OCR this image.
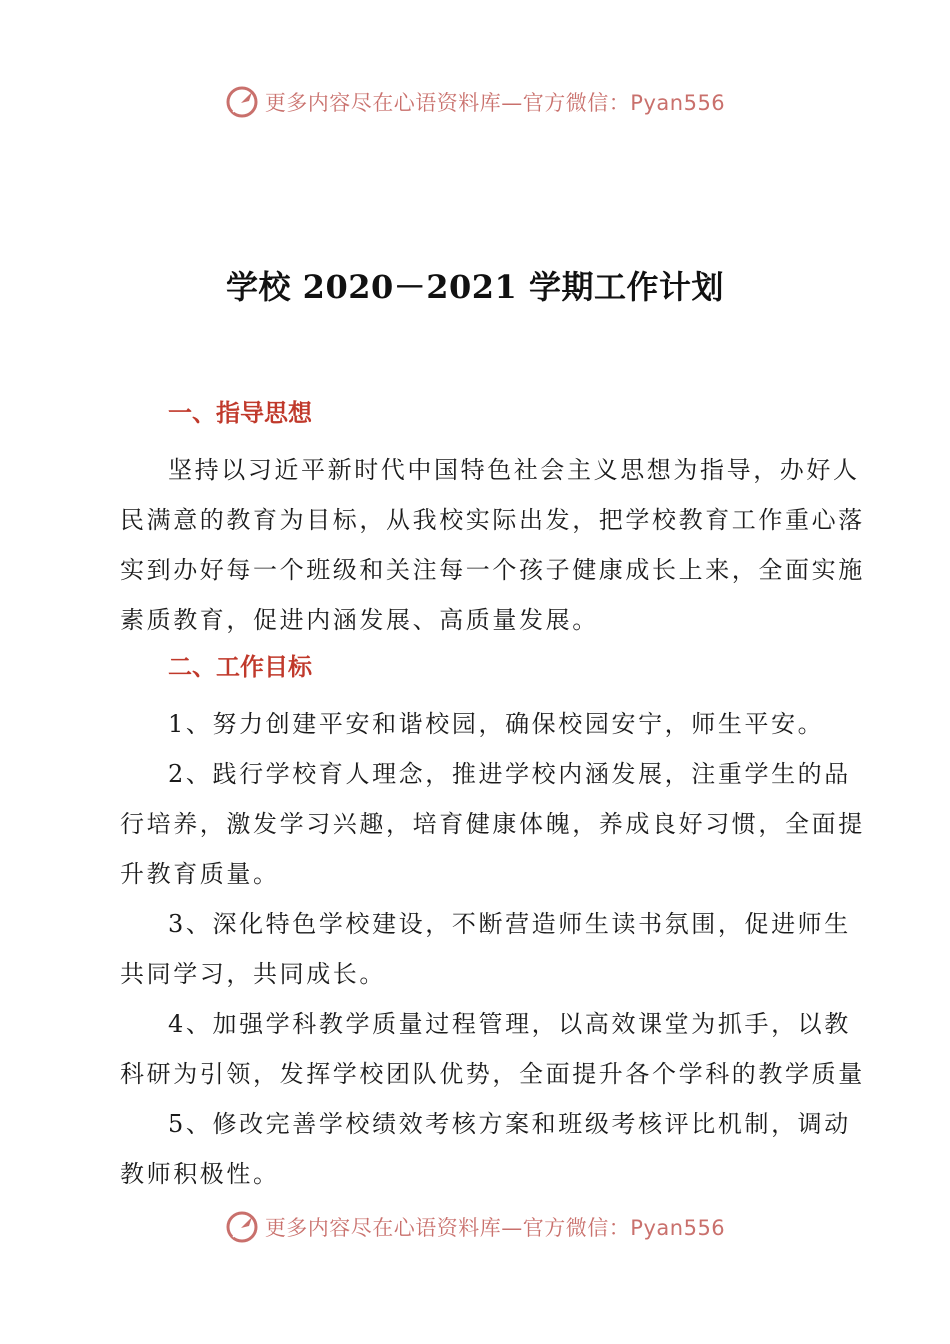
更多内容尽在心语资料库—官方微信：Pyan556
学校 2020－2021 学期工作计划
一、指导思想

坚持以习近平新时代中国特色社会主义思想为指导，办好人
民满意的教育为目标，从我校实际出发，把学校教育工作重心落
实到办好每一个班级和关注每一个孩子健康成长上来，全面实施
素质教育，促进内涵发展、高质量发展。

二、工作目标

1、努力创建平安和谐校园，确保校园安宁，师生平安。

2、践行学校育人理念，推进学校内涵发展，注重学生的品
行培养，激发学习兴趣，培育健康体魄，养成良好习惯，全面提
升教育质量。

3、深化特色学校建设，不断营造师生读书氛围，促进师生
共同学习，共同成长。

4、加强学科教学质量过程管理，以高效课堂为抓手，以教
科研为引领，发挥学校团队优势，全面提升各个学科的教学质量

5、修改完善学校绩效考核方案和班级考核评比机制，调动
教师积极性。

更多内容尽在心语资料库—官方微信：Pyan556
